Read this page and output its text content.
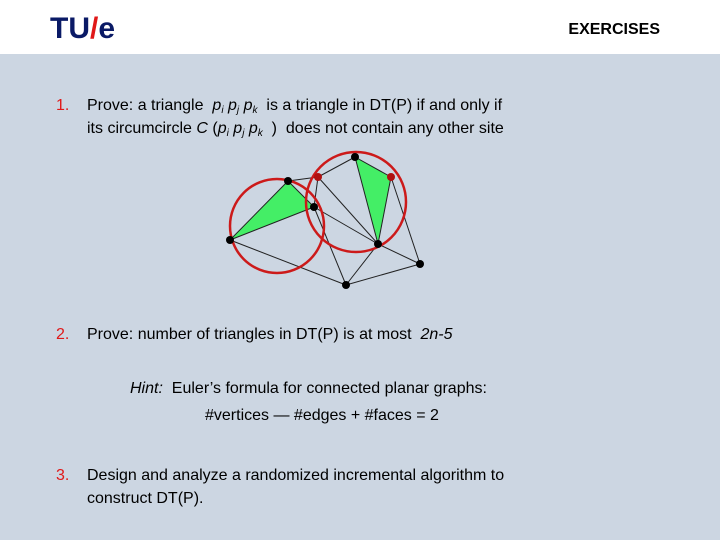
TU/e	EXERCISES
1. Prove: a triangle $p_i$ $p_j$ $p_k$ is a triangle in DT(P) if and only if
its circumcircle C ($p_i$ $p_j$ $p_k$ ) does not contain any other site
2. Prove: number of triangles in DT(P) is at most 2n-5
Hint: Euler’s formula for connected planar graphs:
#vertices — #edges + #faces = 2
3. Design and analyze a randomized incremental algorithm to
construct DT(P).
